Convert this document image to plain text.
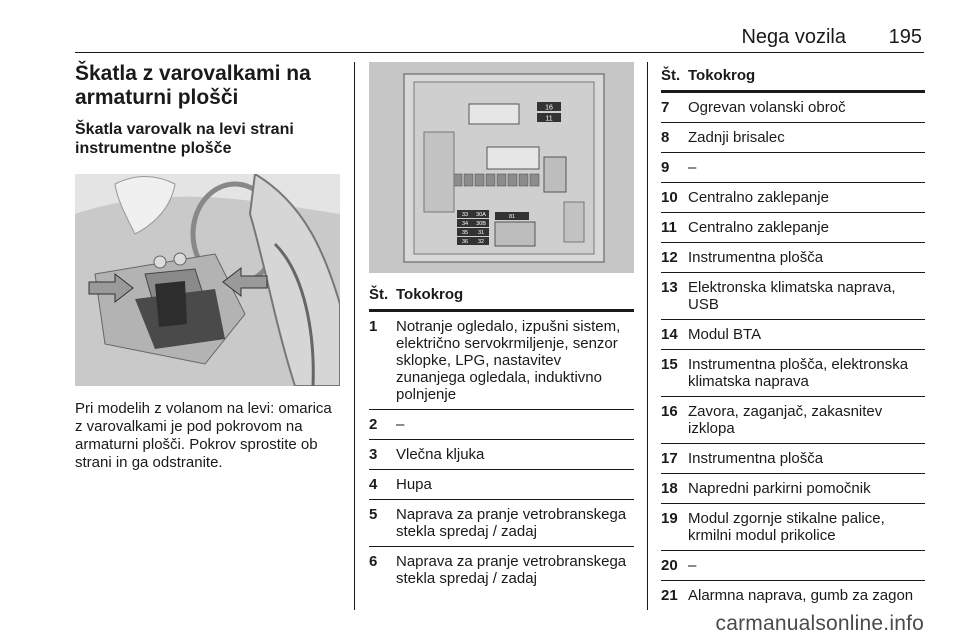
Nega vozila 195
Škatla z varovalkami na armaturni plošči
Škatla varovalk na levi strani instrumentne plošče

Pri modelih z volanom na levi: omarica z varovalkami je pod pokrovom na armaturni plošči. Pokrov sprostite ob strani in ga odstranite.

16
11
33 30A
34 30B
35 31
36 32
81
Št. Tokokrog
1	Notranje ogledalo, izpušni sistem, električno servokrmiljenje, senzor sklopke, LPG, nastavitev zunanjega ogledala, induktivno polnjenje
2	–
3	Vlečna kljuka
4	Hupa
5	Naprava za pranje vetrobranskega stekla spredaj / zadaj
6	Naprava za pranje vetrobranskega stekla spredaj / zadaj
Št. Tokokrog
7	Ogrevan volanski obroč
8	Zadnji brisalec
9	–
10 Centralno zaklepanje
11 Centralno zaklepanje
12 Instrumentna plošča
13 Elektronska klimatska naprava, USB
14 Modul BTA
15 Instrumentna plošča, elektronska klimatska naprava
16 Zavora, zaganjač, zakasnitev izklopa
17 Instrumentna plošča
18 Napredni parkirni pomočnik
19 Modul zgornje stikalne palice, krmilni modul prikolice
20 –
21 Alarmna naprava, gumb za zagon
carmanualsonline.info
